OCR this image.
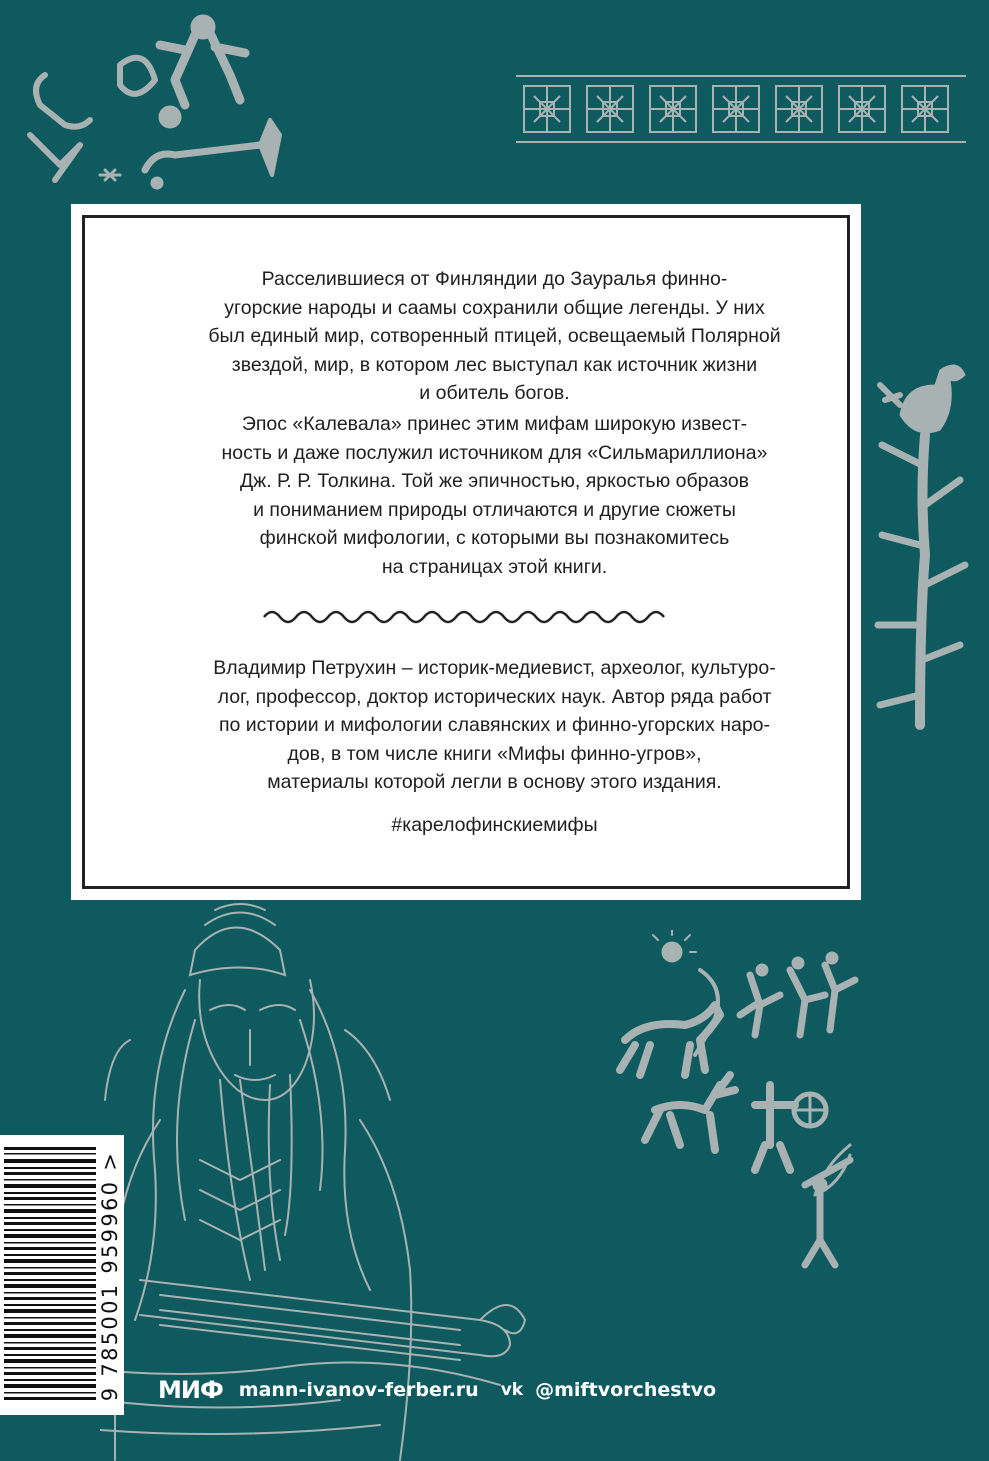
Расселившиеся от Финляндии до Зауралья финно-
угорские народы и саамы сохранили общие легенды. У них
был единый мир, сотворенный птицей, освещаемый Полярной
звездой, мир, в котором лес выступал как источник жизни
и обитель богов.
Эпос «Калевала» принес этим мифам широкую извест-
ность и даже послужил источником для «Сильмариллиона»
Дж. Р. Р. Толкина. Той же эпичностью, яркостью образов
и пониманием природы отличаются и другие сюжеты
финской мифологии, с которыми вы познакомитесь
на страницах этой книги.
Владимир Петрухин – историк-медиевист, археолог, культуро-
лог, профессор, доктор исторических наук. Автор ряда работ
по истории и мифологии славянских и финно-угорских наро-
дов, в том числе книги «Мифы финно-угров»,
материалы которой легли в основу этого издания.
#карелофинскиемифы
9 785001 959960 > МИФ mann-ivanov-ferber.ru vk @miftvorchestvo
